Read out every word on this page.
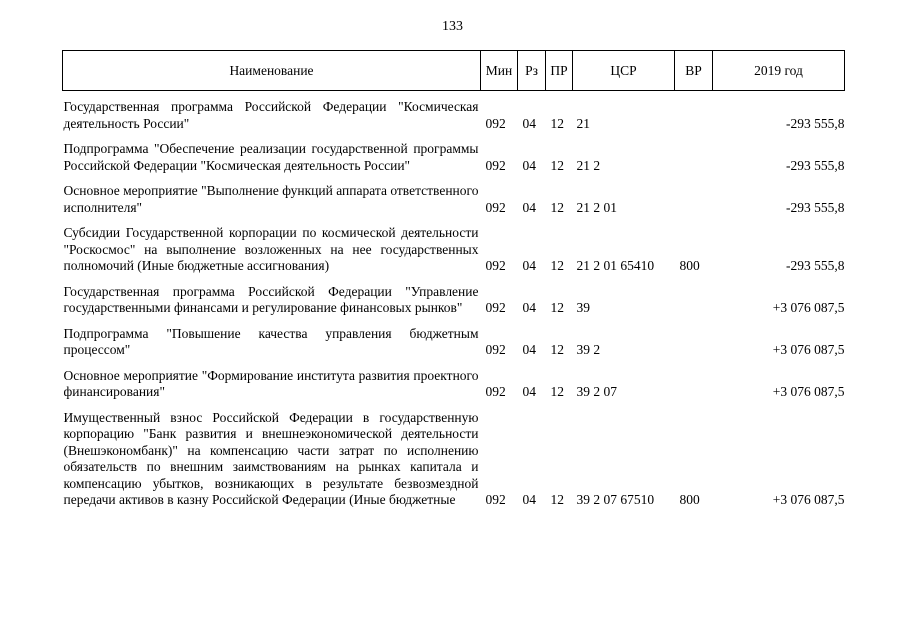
133
Наименование	Мин	Рз	ПР	ЦСР	ВР	2019 год
Государственная программа Российской Федерации "Космическая деятельность России"	092	04	12	21		-293 555,8
Подпрограмма "Обеспечение реализации государственной программы Российской Федерации "Космическая деятельность России"	092	04	12	21 2		-293 555,8
Основное мероприятие "Выполнение функций аппарата ответственного исполнителя"	092	04	12	21 2 01		-293 555,8
Субсидии Государственной корпорации по космической деятельности "Роскосмос" на выполнение возложенных на нее государственных полномочий (Иные бюджетные ассигнования)	092	04	12	21 2 01 65410	800	-293 555,8
Государственная программа Российской Федерации "Управление государственными финансами и регулирование финансовых рынков"	092	04	12	39		+3 076 087,5
Подпрограмма "Повышение качества управления бюджетным процессом"	092	04	12	39 2		+3 076 087,5
Основное мероприятие "Формирование института развития проектного финансирования"	092	04	12	39 2 07		+3 076 087,5
Имущественный взнос Российской Федерации в государственную корпорацию "Банк развития и внешнеэкономической деятельности (Внешэкономбанк)" на компенсацию части затрат по исполнению обязательств по внешним заимствованиям на рынках капитала и компенсацию убытков, возникающих в результате безвозмездной передачи активов в казну Российской Федерации (Иные бюджетные	092	04	12	39 2 07 67510	800	+3 076 087,5
